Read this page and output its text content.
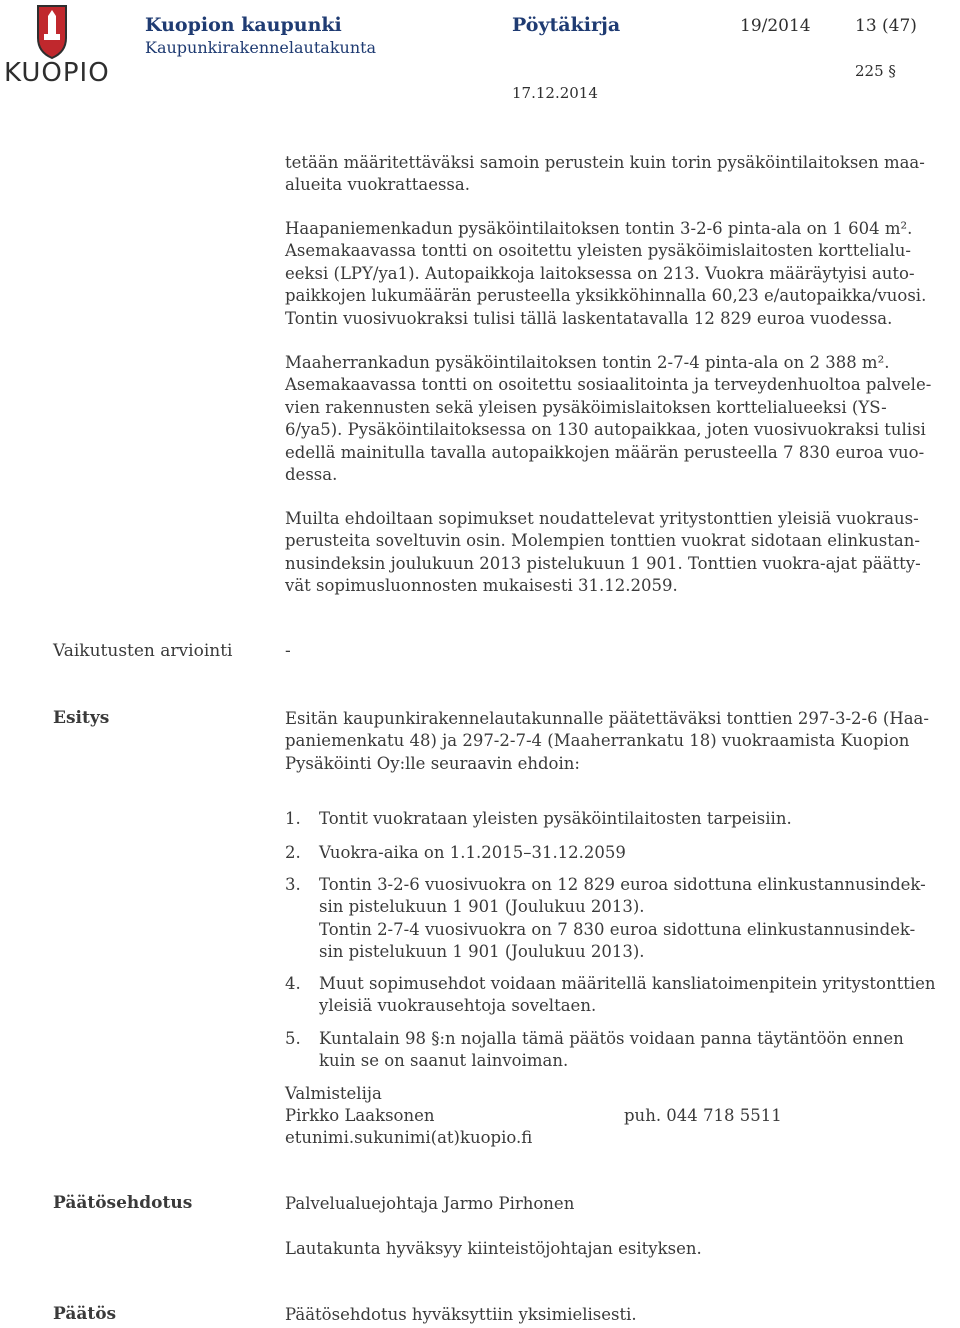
KUOPIO
Kuopion kaupunki
Kaupunkirakennelautakunta
Pöytäkirja	19/2014	13 (47)
225 §
17.12.2014

tetään määritettäväksi samoin perustein kuin torin pysäköintilaitoksen maa-
alueita vuokrattaessa.

Haapaniemenkadun pysäköintilaitoksen tontin 3-2-6 pinta-ala on 1 604 m².
Asemakaavassa tontti on osoitettu yleisten pysäköimislaitosten korttelialu-
eeksi (LPY/ya1). Autopaikkoja laitoksessa on 213. Vuokra määräytyisi auto-
paikkojen lukumäärän perusteella yksikköhinnalla 60,23 e/autopaikka/vuosi.
Tontin vuosivuokraksi tulisi tällä laskentatavalla 12 829 euroa vuodessa.

Maaherrankadun pysäköintilaitoksen tontin 2-7-4 pinta-ala on 2 388 m².
Asemakaavassa tontti on osoitettu sosiaalitointa ja terveydenhuoltoa palvele-
vien rakennusten sekä yleisen pysäköimislaitoksen korttelialueeksi (YS-
6/ya5). Pysäköintilaitoksessa on 130 autopaikkaa, joten vuosivuokraksi tulisi
edellä mainitulla tavalla autopaikkojen määrän perusteella 7 830 euroa vuo-
dessa.

Muilta ehdoiltaan sopimukset noudattelevat yritystonttien yleisiä vuokraus-
perusteita soveltuvin osin. Molempien tonttien vuokrat sidotaan elinkustan-
nusindeksin joulukuun 2013 pistelukuun 1 901. Tonttien vuokra-ajat päätty-
vät sopimusluonnosten mukaisesti 31.12.2059.

Vaikutusten arviointi	-
Esitys	Esitän kaupunkirakennelautakunnalle päätettäväksi tonttien 297-3-2-6 (Haa-
paniemenkatu 48) ja 297-2-7-4 (Maaherrankatu 18) vuokraamista Kuopion
Pysäköinti Oy:lle seuraavin ehdoin:

1. Tontit vuokrataan yleisten pysäköintilaitosten tarpeisiin.
2. Vuokra-aika on 1.1.2015–31.12.2059
3. Tontin 3-2-6 vuosivuokra on 12 829 euroa sidottuna elinkustannusindek-
sin pistelukuun 1 901 (Joulukuu 2013).
Tontin 2-7-4 vuosivuokra on 7 830 euroa sidottuna elinkustannusindek-
sin pistelukuun 1 901 (Joulukuu 2013).
4. Muut sopimusehdot voidaan määritellä kansliatoimenpitein yritystonttien
yleisiä vuokrausehtoja soveltaen.
5. Kuntalain 98 §:n nojalla tämä päätös voidaan panna täytäntöön ennen
kuin se on saanut lainvoiman.
Valmistelija
Pirkko Laaksonen	puh. 044 718 5511
etunimi.sukunimi(at)kuopio.fi
Päätösehdotus	Palvelualuejohtaja Jarmo Pirhonen
Lautakunta hyväksyy kiinteistöjohtajan esityksen.
Päätös	Päätösehdotus hyväksyttiin yksimielisesti.
